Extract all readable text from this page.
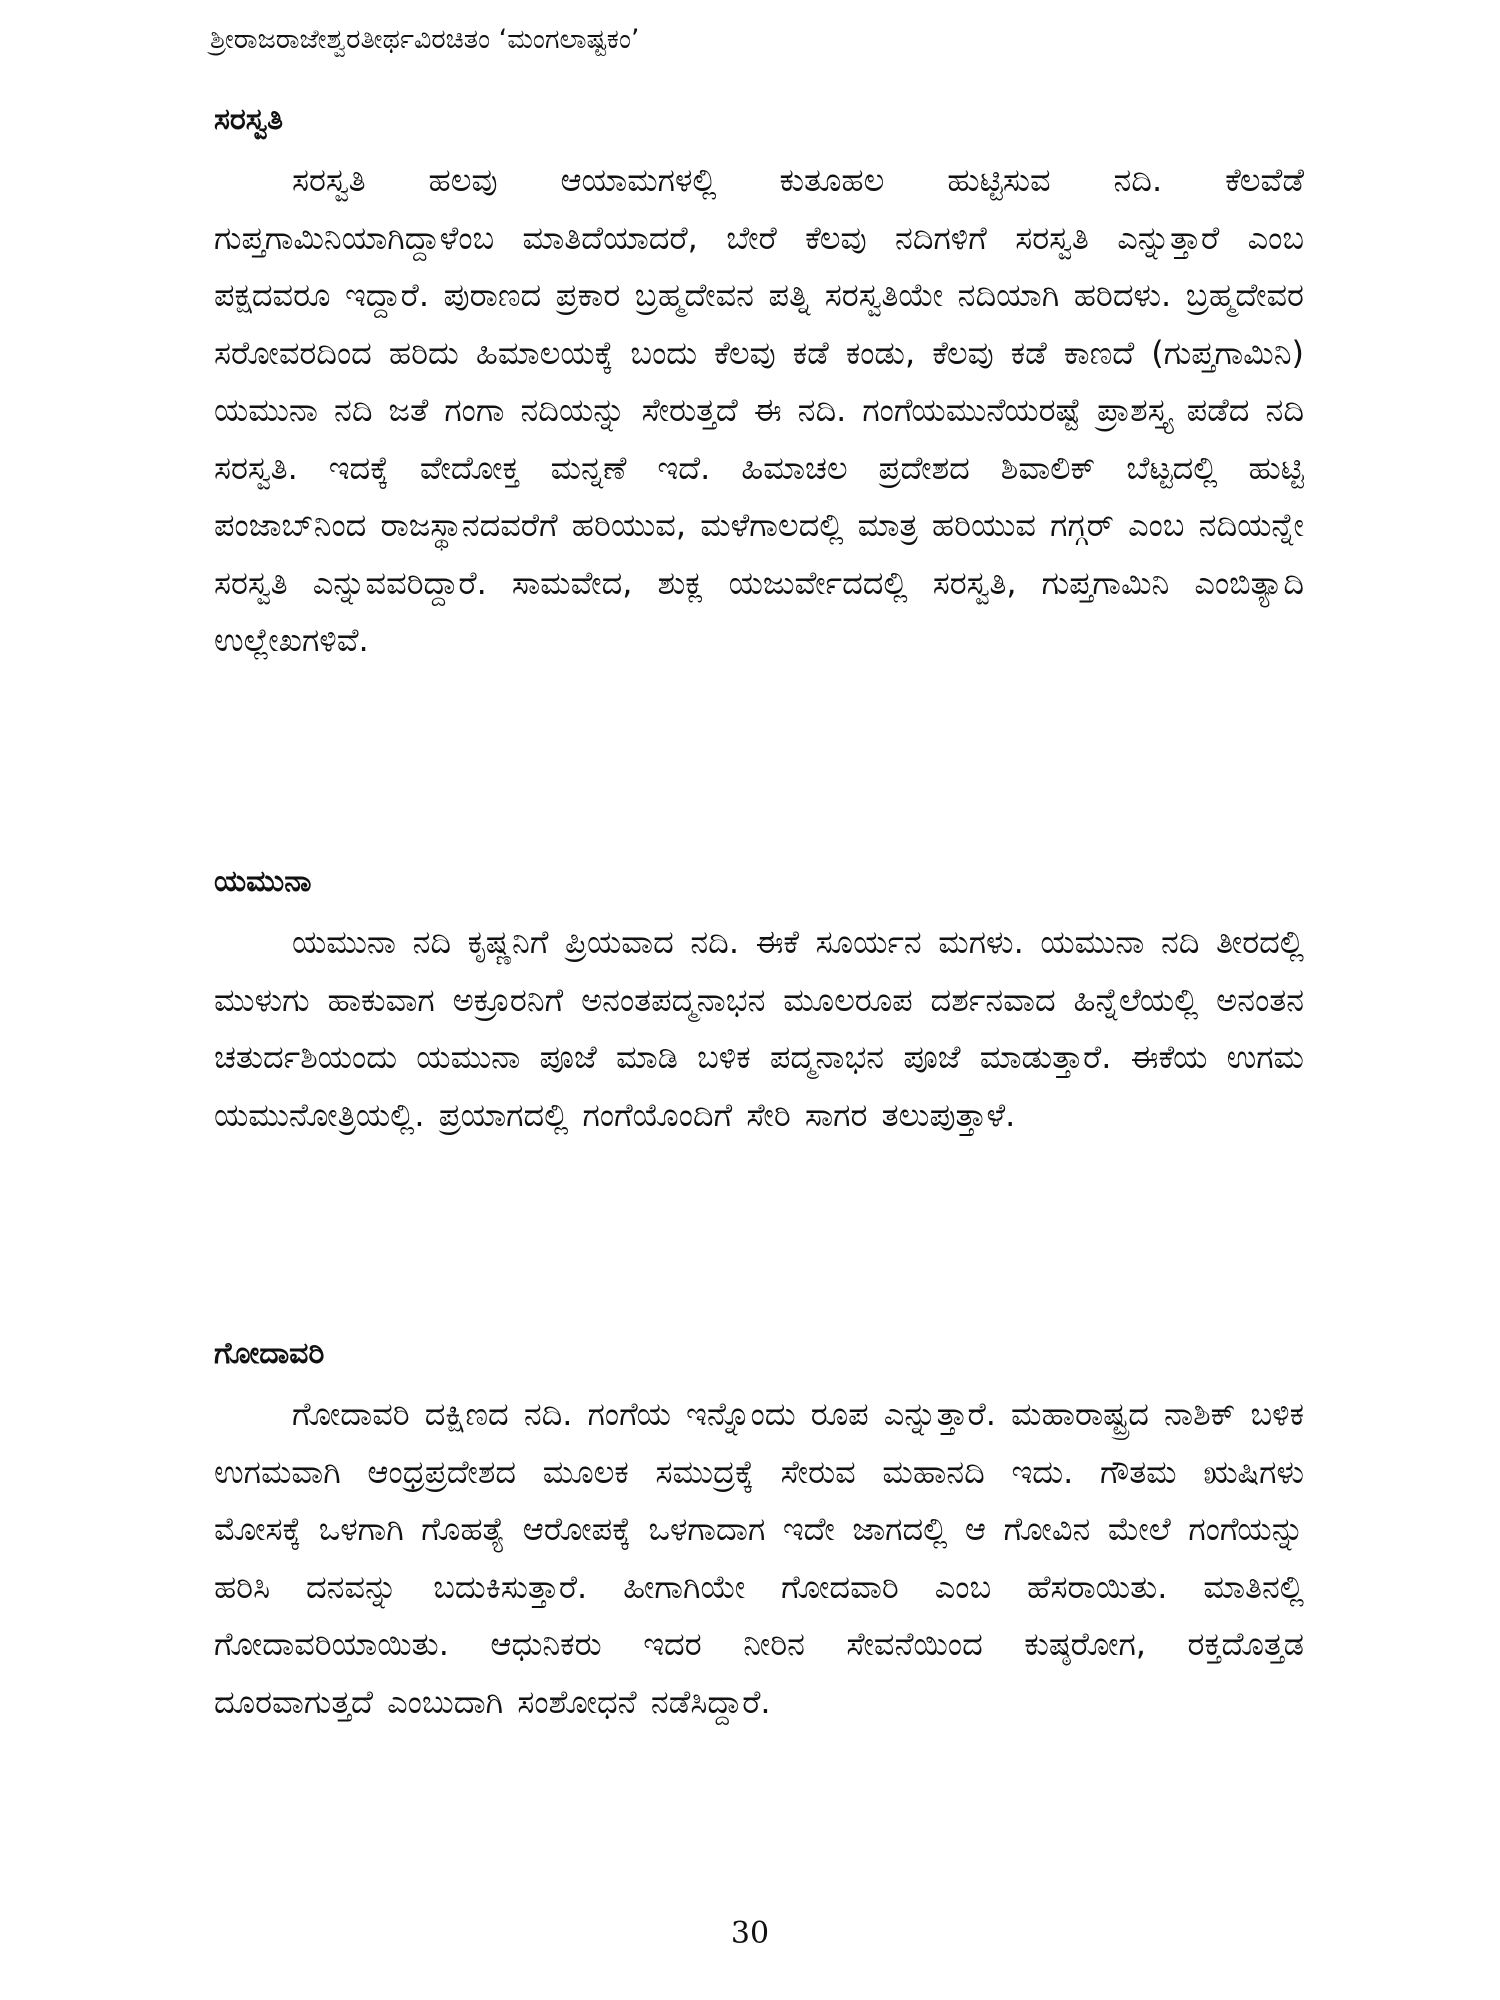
ಶ್ರೀರಾಜರಾಜೇಶ್ವರತೀರ್ಥವಿರಚಿತಂ ‘ಮಂಗಲಾಷ್ಟಕಂ’
ಸರಸ್ವತಿ

ಸರಸ್ವತಿ ಹಲವು ಆಯಾಮಗಳಲ್ಲಿ ಕುತೂಹಲ ಹುಟ್ಟಿಸುವ ನದಿ. ಕೆಲವೆಡೆ ಗುಪ್ತಗಾಮಿನಿಯಾಗಿದ್ದಾಳೆಂಬ ಮಾತಿದೆಯಾದರೆ, ಬೇರೆ ಕೆಲವು ನದಿಗಳಿಗೆ ಸರಸ್ವತಿ ಎನ್ನುತ್ತಾರೆ ಎಂಬ ಪಕ್ಷದವರೂ ಇದ್ದಾರೆ. ಪುರಾಣದ ಪ್ರಕಾರ ಬ್ರಹ್ಮದೇವನ ಪತ್ನಿ ಸರಸ್ವತಿಯೇ ನದಿಯಾಗಿ ಹರಿದಳು. ಬ್ರಹ್ಮದೇವರ ಸರೋವರದಿಂದ ಹರಿದು ಹಿಮಾಲಯಕ್ಕೆ ಬಂದು ಕೆಲವು ಕಡೆ ಕಂಡು, ಕೆಲವು ಕಡೆ ಕಾಣದೆ (ಗುಪ್ತಗಾಮಿನಿ) ಯಮುನಾ ನದಿ ಜತೆ ಗಂಗಾ ನದಿಯನ್ನು ಸೇರುತ್ತದೆ ಈ ನದಿ. ಗಂಗೆಯಮುನೆಯರಷ್ಟೆ ಪ್ರಾಶಸ್ತ್ಯ ಪಡೆದ ನದಿ ಸರಸ್ವತಿ. ಇದಕ್ಕೆ ವೇದೋಕ್ತ ಮನ್ನಣೆ ಇದೆ. ಹಿಮಾಚಲ ಪ್ರದೇಶದ ಶಿವಾಲಿಕ್ ಬೆಟ್ಟದಲ್ಲಿ ಹುಟ್ಟಿ ಪಂಜಾಬ್‌ನಿಂದ ರಾಜಸ್ಥಾನದವರೆಗೆ ಹರಿಯುವ, ಮಳೆಗಾಲದಲ್ಲಿ ಮಾತ್ರ ಹರಿಯುವ ಗಗ್ಗರ್ ಎಂಬ ನದಿಯನ್ನೇ ಸರಸ್ವತಿ ಎನ್ನುವವರಿದ್ದಾರೆ. ಸಾಮವೇದ, ಶುಕ್ಲ ಯಜುರ್ವೇದದಲ್ಲಿ ಸರಸ್ವತಿ, ಗುಪ್ತಗಾಮಿನಿ ಎಂಬಿತ್ಯಾದಿ ಉಲ್ಲೇಖಗಳಿವೆ.

ಯಮುನಾ

ಯಮುನಾ ನದಿ ಕೃಷ್ಣನಿಗೆ ಪ್ರಿಯವಾದ ನದಿ. ಈಕೆ ಸೂರ್ಯನ ಮಗಳು. ಯಮುನಾ ನದಿ ತೀರದಲ್ಲಿ ಮುಳುಗು ಹಾಕುವಾಗ ಅಕ್ರೂರನಿಗೆ ಅನಂತಪದ್ಮನಾಭನ ಮೂಲರೂಪ ದರ್ಶನವಾದ ಹಿನ್ನೆಲೆಯಲ್ಲಿ ಅನಂತನ ಚತುರ್ದಶಿಯಂದು ಯಮುನಾ ಪೂಜೆ ಮಾಡಿ ಬಳಿಕ ಪದ್ಮನಾಭನ ಪೂಜೆ ಮಾಡುತ್ತಾರೆ. ಈಕೆಯ ಉಗಮ ಯಮುನೋತ್ರಿಯಲ್ಲಿ. ಪ್ರಯಾಗದಲ್ಲಿ ಗಂಗೆಯೊಂದಿಗೆ ಸೇರಿ ಸಾಗರ ತಲುಪುತ್ತಾಳೆ.

ಗೋದಾವರಿ

ಗೋದಾವರಿ ದಕ್ಷಿಣದ ನದಿ. ಗಂಗೆಯ ಇನ್ನೊಂದು ರೂಪ ಎನ್ನುತ್ತಾರೆ. ಮಹಾರಾಷ್ಟ್ರದ ನಾಶಿಕ್ ಬಳಿಕ ಉಗಮವಾಗಿ ಆಂಧ್ರಪ್ರದೇಶದ ಮೂಲಕ ಸಮುದ್ರಕ್ಕೆ ಸೇರುವ ಮಹಾನದಿ ಇದು. ಗೌತಮ ಋಷಿಗಳು ಮೋಸಕ್ಕೆ ಒಳಗಾಗಿ ಗೊಹತ್ಯೆ ಆರೋಪಕ್ಕೆ ಒಳಗಾದಾಗ ಇದೇ ಜಾಗದಲ್ಲಿ ಆ ಗೋವಿನ ಮೇಲೆ ಗಂಗೆಯನ್ನು ಹರಿಸಿ ದನವನ್ನು ಬದುಕಿಸುತ್ತಾರೆ. ಹೀಗಾಗಿಯೇ ಗೋದವಾರಿ ಎಂಬ ಹೆಸರಾಯಿತು. ಮಾತಿನಲ್ಲಿ ಗೋದಾವರಿಯಾಯಿತು. ಆಧುನಿಕರು ಇದರ ನೀರಿನ ಸೇವನೆಯಿಂದ ಕುಷ್ಠರೋಗ, ರಕ್ತದೊತ್ತಡ ದೂರವಾಗುತ್ತದೆ ಎಂಬುದಾಗಿ ಸಂಶೋಧನೆ ನಡೆಸಿದ್ದಾರೆ.

30
